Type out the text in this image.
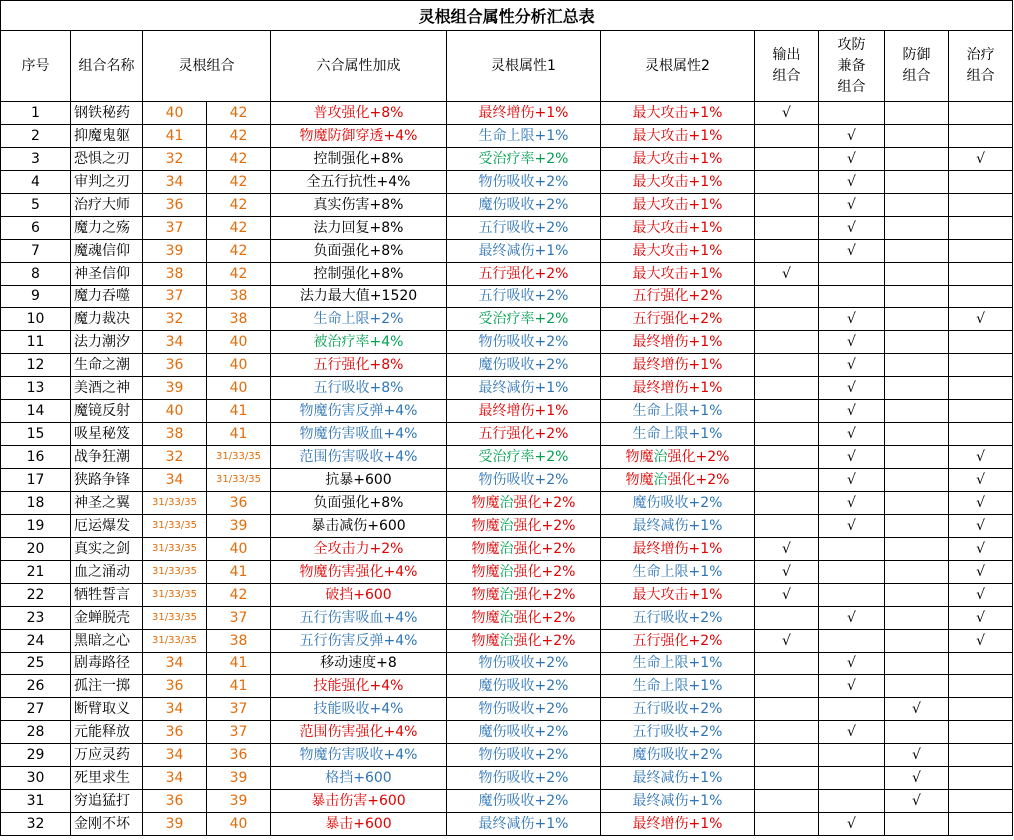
灵根组合属性分析汇总表										
序号	组合名称	灵根组合		六合属性加成	灵根属性1	灵根属性2	输出组合	攻防兼备组合	防御组合	治疗组合
1	钢铁秘药	40	42	普攻强化+8%	最终增伤+1%	最大攻击+1%	√			
2	抑魔鬼躯	41	42	物魔防御穿透+4%	生命上限+1%	最大攻击+1%		√		
3	恐惧之刃	32	42	控制强化+8%	受治疗率+2%	最大攻击+1%		√		√
4	审判之刃	34	42	全五行抗性+4%	物伤吸收+2%	最大攻击+1%		√		
5	治疗大师	36	42	真实伤害+8%	魔伤吸收+2%	最大攻击+1%		√		
6	魔力之殇	37	42	法力回复+8%	五行吸收+2%	最大攻击+1%		√		
7	魔魂信仰	39	42	负面强化+8%	最终减伤+1%	最大攻击+1%		√		
8	神圣信仰	38	42	控制强化+8%	五行强化+2%	最大攻击+1%	√			
9	魔力吞噬	37	38	法力最大值+1520	五行吸收+2%	五行强化+2%				
10	魔力裁决	32	38	生命上限+2%	受治疗率+2%	五行强化+2%		√		√
11	法力潮汐	34	40	被治疗率+4%	物伤吸收+2%	最终增伤+1%		√		
12	生命之潮	36	40	五行强化+8%	魔伤吸收+2%	最终增伤+1%		√		
13	美酒之神	39	40	五行吸收+8%	最终减伤+1%	最终增伤+1%		√		
14	魔镜反射	40	41	物魔伤害反弹+4%	最终增伤+1%	生命上限+1%		√		
15	吸星秘笈	38	41	物魔伤害吸血+4%	五行强化+2%	生命上限+1%		√		
16	战争狂潮	32	31/33/35	范围伤害吸收+4%	受治疗率+2%	物魔治强化+2%		√		√
17	狭路争锋	34	31/33/35	抗暴+600	物伤吸收+2%	物魔治强化+2%		√		√
18	神圣之翼	31/33/35	36	负面强化+8%	物魔治强化+2%	魔伤吸收+2%		√		√
19	厄运爆发	31/33/35	39	暴击减伤+600	物魔治强化+2%	最终减伤+1%		√		√
20	真实之剑	31/33/35	40	全攻击力+2%	物魔治强化+2%	最终增伤+1%	√			√
21	血之涌动	31/33/35	41	物魔伤害强化+4%	物魔治强化+2%	生命上限+1%	√			√
22	牺牲誓言	31/33/35	42	破挡+600	物魔治强化+2%	最大攻击+1%	√			√
23	金蝉脱壳	31/33/35	37	五行伤害吸血+4%	物魔治强化+2%	五行吸收+2%		√		√
24	黑暗之心	31/33/35	38	五行伤害反弹+4%	物魔治强化+2%	五行强化+2%	√			√
25	剧毒路径	34	41	移动速度+8	物伤吸收+2%	生命上限+1%		√		
26	孤注一掷	36	41	技能强化+4%	魔伤吸收+2%	生命上限+1%		√		
27	断臂取义	34	37	技能吸收+4%	物伤吸收+2%	五行吸收+2%			√	
28	元能释放	36	37	范围伤害强化+4%	魔伤吸收+2%	五行吸收+2%		√		
29	万应灵药	34	36	物魔伤害吸收+4%	物伤吸收+2%	魔伤吸收+2%			√	
30	死里求生	34	39	格挡+600	物伤吸收+2%	最终减伤+1%			√	
31	穷追猛打	36	39	暴击伤害+600	魔伤吸收+2%	最终减伤+1%			√	
32	金刚不坏	39	40	暴击+600	最终减伤+1%	最终增伤+1%		√		
